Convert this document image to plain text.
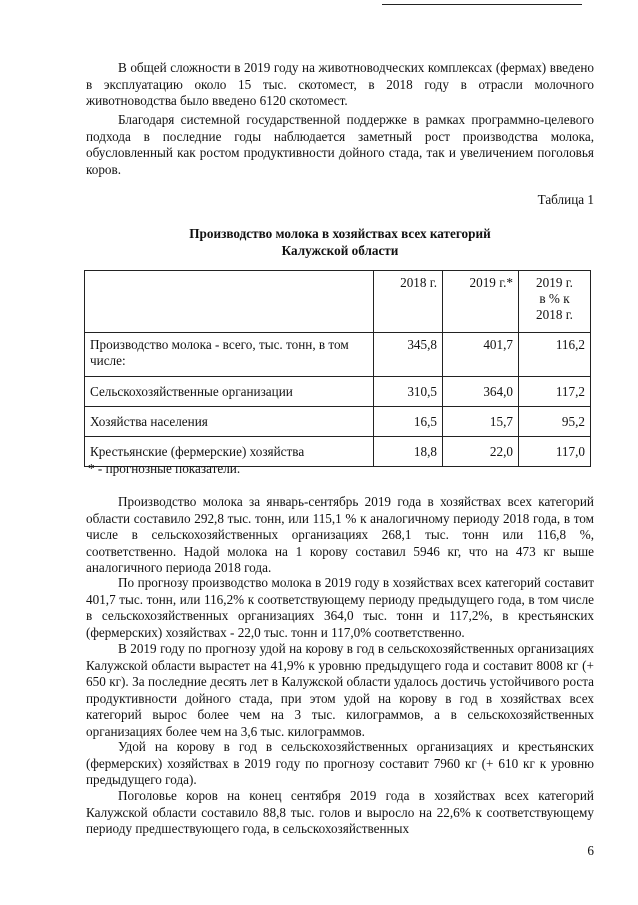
В общей сложности в 2019 году на животноводческих комплексах (фермах) введено в эксплуатацию около 15 тыс. скотомест, в 2018 году в отрасли молочного животноводства было введено 6120 скотомест.

Благодаря системной государственной поддержке в рамках программно-целевого подхода в последние годы наблюдается заметный рост производства молока, обусловленный как ростом продуктивности дойного стада, так и увеличением поголовья коров.

Таблица 1

Производство молока в хозяйствах всех категорий
Калужской области
	2018 г.	2019 г.*	2019 г.
в % к
2018 г.
Производство молока - всего, тыс. тонн, в том числе:	345,8	401,7	116,2
Сельскохозяйственные организации	310,5	364,0	117,2
Хозяйства населения	16,5	15,7	95,2
Крестьянские (фермерские) хозяйства	18,8	22,0	117,0

* - прогнозные показатели.

Производство молока за январь-сентябрь 2019 года в хозяйствах всех категорий области составило 292,8 тыс. тонн, или 115,1 % к аналогичному периоду 2018 года, в том числе в сельскохозяйственных организациях 268,1 тыс. тонн или 116,8 %, соответственно. Надой молока на 1 корову составил 5946 кг, что на 473 кг выше аналогичного периода 2018 года.

По прогнозу производство молока в 2019 году в хозяйствах всех категорий составит 401,7 тыс. тонн, или 116,2% к соответствующему периоду предыдущего года, в том числе в сельскохозяйственных организациях 364,0 тыс. тонн и 117,2%, в крестьянских (фермерских) хозяйствах - 22,0 тыс. тонн и 117,0% соответственно.

В 2019 году по прогнозу удой на корову в год в сельскохозяйственных организациях Калужской области вырастет на 41,9% к уровню предыдущего года и составит 8008 кг (+ 650 кг). За последние десять лет в Калужской области удалось достичь устойчивого роста продуктивности дойного стада, при этом удой на корову в год в хозяйствах всех категорий вырос более чем на 3 тыс. килограммов, а в сельскохозяйственных организациях более чем на 3,6 тыс. килограммов.

Удой на корову в год в сельскохозяйственных организациях и крестьянских (фермерских) хозяйствах в 2019 году по прогнозу составит 7960 кг (+ 610 кг к уровню предыдущего года).

Поголовье коров на конец сентября 2019 года в хозяйствах всех категорий Калужской области составило 88,8 тыс. голов и выросло на 22,6% к соответствующему периоду предшествующего года, в сельскохозяйственных

6
